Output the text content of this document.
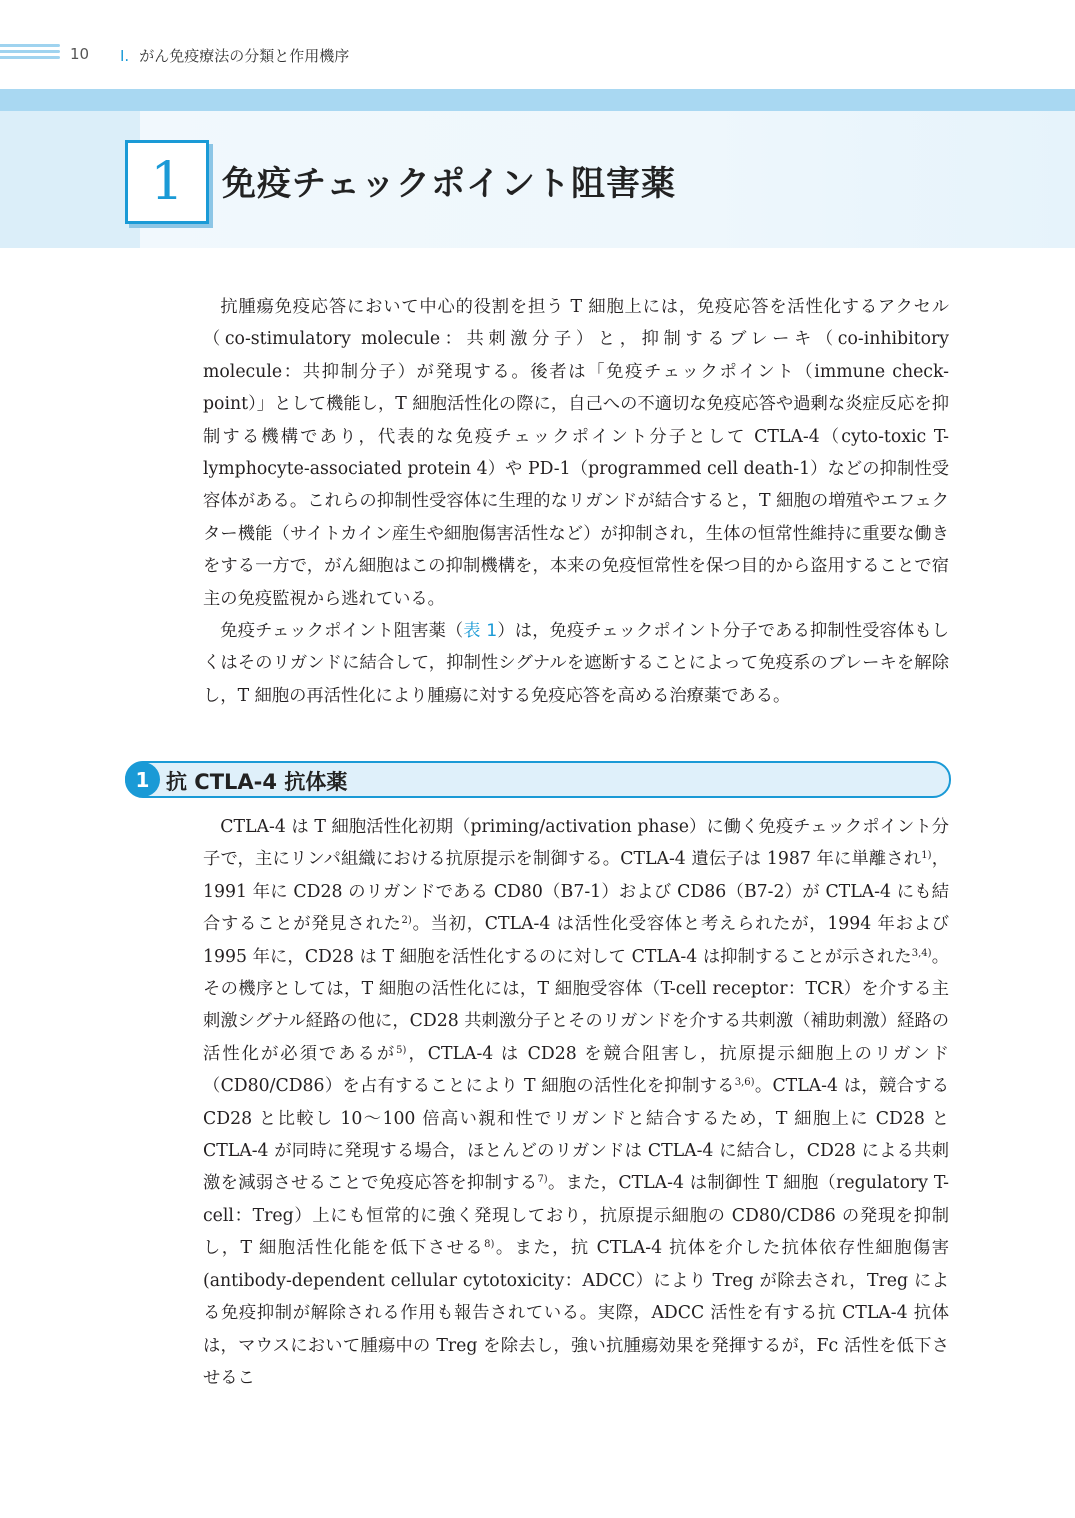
10 Ⅰ. がん免疫療法の分類と作用機序
1 免疫チェックポイント阻害薬

抗腫瘍免疫応答において中心的役割を担う T 細胞上には，免疫応答を活性化するアクセル（co-stimulatory molecule：共刺激分子）と，抑制するブレーキ（co-inhibitory molecule：共抑制分子）が発現する。後者は「免疫チェックポイント（immune check-point）」として機能し，T 細胞活性化の際に，自己への不適切な免疫応答や過剰な炎症反応を抑制する機構であり，代表的な免疫チェックポイント分子として CTLA-4（cyto-toxic T-lymphocyte-associated protein 4）や PD-1（programmed cell death-1）などの抑制性受容体がある。これらの抑制性受容体に生理的なリガンドが結合すると，T 細胞の増殖やエフェクター機能（サイトカイン産生や細胞傷害活性など）が抑制され，生体の恒常性維持に重要な働きをする一方で，がん細胞はこの抑制機構を，本来の免疫恒常性を保つ目的から盗用することで宿主の免疫監視から逃れている。

免疫チェックポイント阻害薬（表 1）は，免疫チェックポイント分子である抑制性受容体もしくはそのリガンドに結合して，抑制性シグナルを遮断することによって免疫系のブレーキを解除し，T 細胞の再活性化により腫瘍に対する免疫応答を高める治療薬である。

1 抗 CTLA-4 抗体薬

CTLA-4 は T 細胞活性化初期（priming/activation phase）に働く免疫チェックポイント分子で，主にリンパ組織における抗原提示を制御する。CTLA-4 遺伝子は 1987 年に単離され$^{1)}$，1991 年に CD28 のリガンドである CD80（B7-1）および CD86（B7-2）が CTLA-4 にも結合することが発見された$^{2)}$。当初，CTLA-4 は活性化受容体と考えられたが，1994 年および 1995 年に，CD28 は T 細胞を活性化するのに対して CTLA-4 は抑制することが示された$^{3,4)}$。その機序としては，T 細胞の活性化には，T 細胞受容体（T-cell receptor：TCR）を介する主刺激シグナル経路の他に，CD28 共刺激分子とそのリガンドを介する共刺激（補助刺激）経路の活性化が必須であるが$^{5)}$，CTLA-4 は CD28 を競合阻害し，抗原提示細胞上のリガンド（CD80/CD86）を占有することにより T 細胞の活性化を抑制する$^{3,6)}$。CTLA-4 は，競合する CD28 と比較し 10〜100 倍高い親和性でリガンドと結合するため，T 細胞上に CD28 と CTLA-4 が同時に発現する場合，ほとんどのリガンドは CTLA-4 に結合し，CD28 による共刺激を減弱させることで免疫応答を抑制する$^{7)}$。また，CTLA-4 は制御性 T 細胞（regulatory T-cell：Treg）上にも恒常的に強く発現しており，抗原提示細胞の CD80/CD86 の発現を抑制し，T 細胞活性化能を低下させる$^{8)}$。また，抗 CTLA-4 抗体を介した抗体依存性細胞傷害(antibody-dependent cellular cytotoxicity：ADCC）により Treg が除去され，Treg による免疫抑制が解除される作用も報告されている。実際，ADCC 活性を有する抗 CTLA-4 抗体は，マウスにおいて腫瘍中の Treg を除去し，強い抗腫瘍効果を発揮するが，Fc 活性を低下させるこ
